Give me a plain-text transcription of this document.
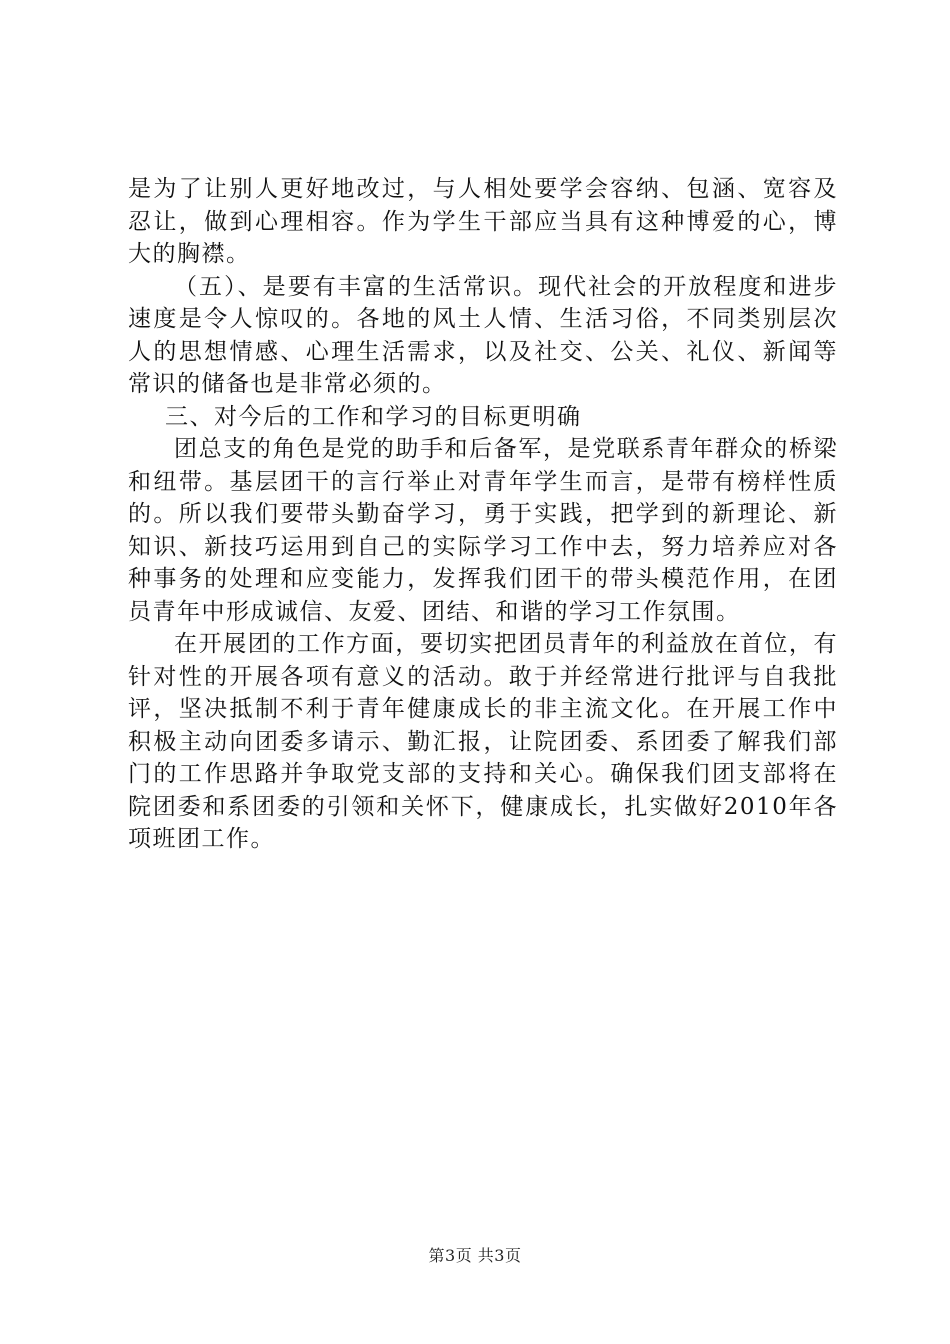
是为了让别人更好地改过，与人相处要学会容纳、包涵、宽容及忍让，做到心理相容。作为学生干部应当具有这种博爱的心，博大的胸襟。

（五）、是要有丰富的生活常识。现代社会的开放程度和进步速度是令人惊叹的。各地的风土人情、生活习俗，不同类别层次人的思想情感、心理生活需求，以及社交、公关、礼仪、新闻等常识的储备也是非常必须的。

三、对今后的工作和学习的目标更明确

团总支的角色是党的助手和后备军，是党联系青年群众的桥梁和纽带。基层团干的言行举止对青年学生而言，是带有榜样性质的。所以我们要带头勤奋学习，勇于实践，把学到的新理论、新知识、新技巧运用到自己的实际学习工作中去，努力培养应对各种事务的处理和应变能力，发挥我们团干的带头模范作用，在团员青年中形成诚信、友爱、团结、和谐的学习工作氛围。

在开展团的工作方面，要切实把团员青年的利益放在首位，有针对性的开展各项有意义的活动。敢于并经常进行批评与自我批评，坚决抵制不利于青年健康成长的非主流文化。在开展工作中积极主动向团委多请示、勤汇报，让院团委、系团委了解我们部门的工作思路并争取党支部的支持和关心。确保我们团支部将在院团委和系团委的引领和关怀下，健康成长，扎实做好2010年各项班团工作。

第3页 共3页
